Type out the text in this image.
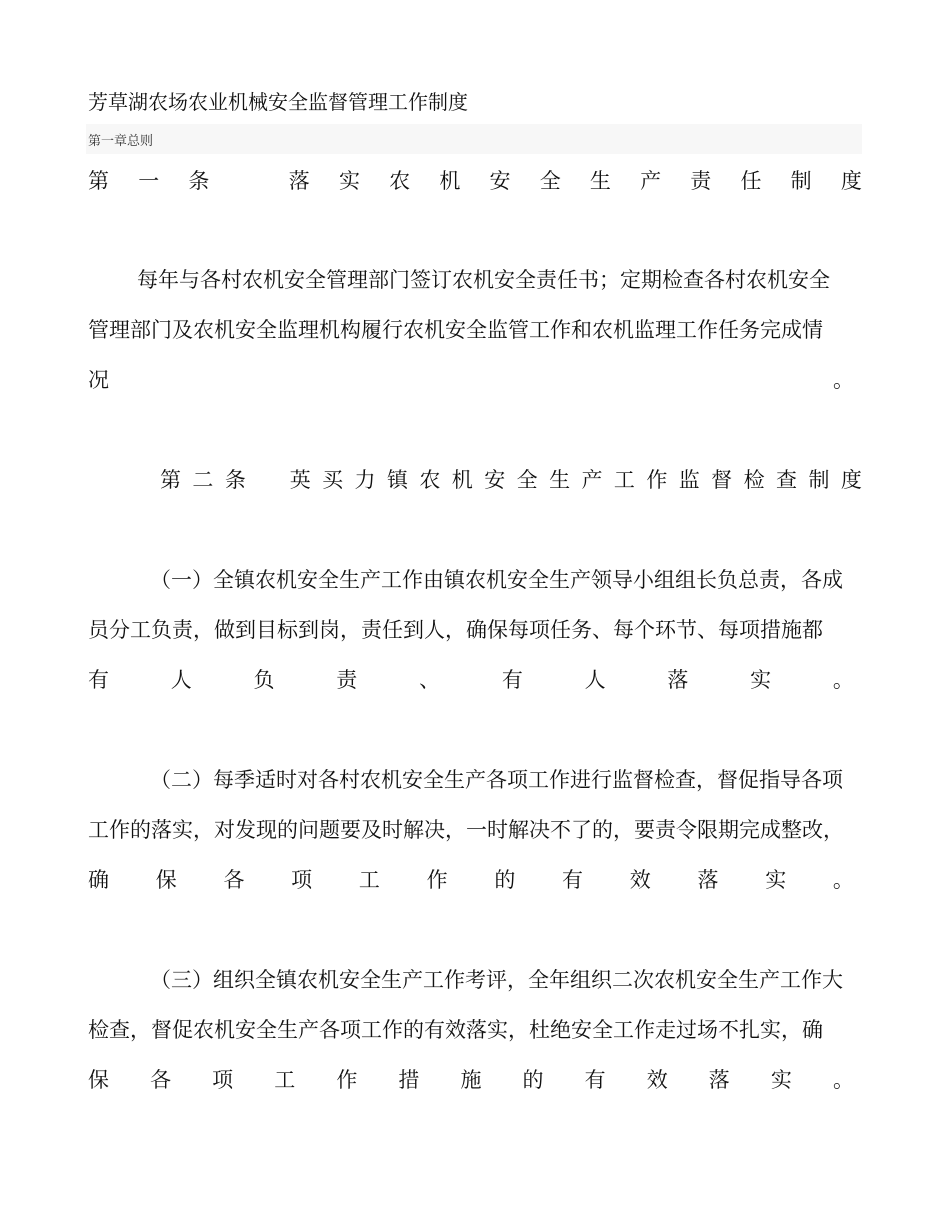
芳草湖农场农业机械安全监督管理工作制度
第一章总则
第 一 条	落 实 农 机 安 全 生 产 责 任 制 度
每年与各村农机安全管理部门签订农机安全责任书；定期检查各村农机安全
管理部门及农机安全监理机构履行农机安全监管工作和农机监理工作任务完成情
况	。
第 二 条 英 买 力 镇 农 机 安 全 生 产 工 作 监 督 检 查 制 度
（一）全镇农机安全生产工作由镇农机安全生产领导小组组长负总责，各成
员分工负责，做到目标到岗，责任到人，确保每项任务、每个环节、每项措施都
有	人	负	责	、	有	人	落	实	。
（二）每季适时对各村农机安全生产各项工作进行监督检查，督促指导各项
工作的落实，对发现的问题要及时解决，一时解决不了的，要责令限期完成整改，
确 保 各 项 工 作 的 有 效 落 实 。
（三）组织全镇农机安全生产工作考评，全年组织二次农机安全生产工作大
检查，督促农机安全生产各项工作的有效落实，杜绝安全工作走过场不扎实，确
保 各 项 工 作 措 施 的 有 效 落 实 。
